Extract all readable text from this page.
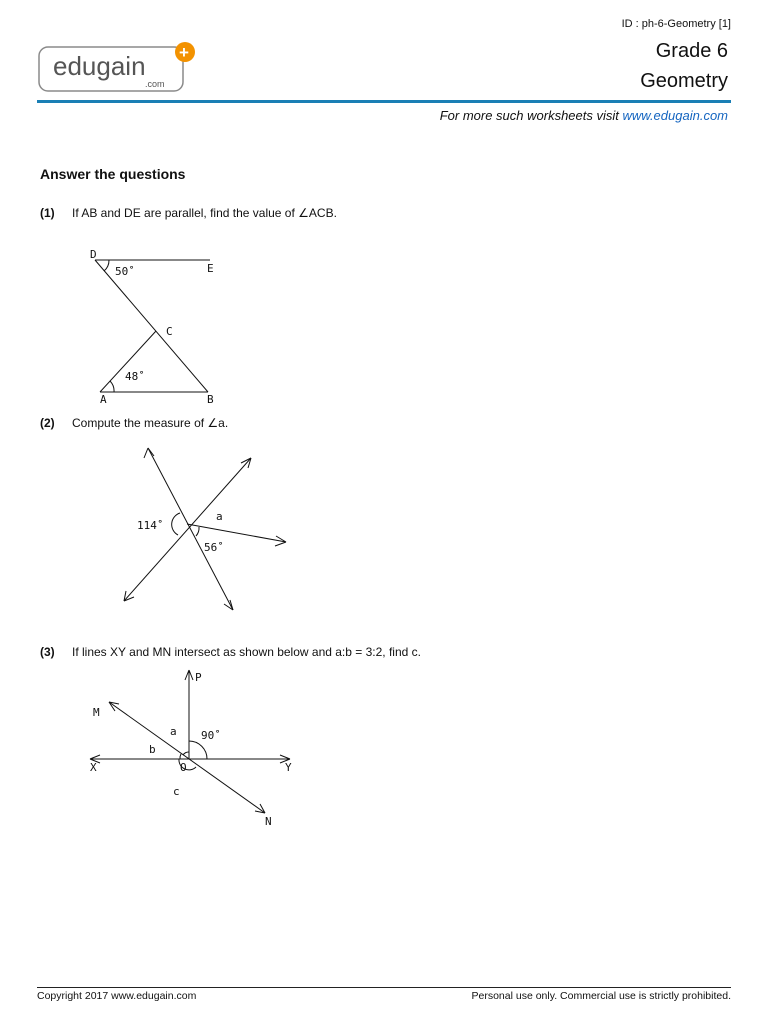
ID : ph-6-Geometry [1]
Grade 6
Geometry
edugain
.com
+
For more such worksheets visit www.edugain.com
Answer the questions
(1) If AB and DE are parallel, find the value of ∠ACB.
D
E
C
A	B
50˚
48˚
(2) Compute the measure of ∠a.
114˚
a
56˚
(3) If lines XY and MN intersect as shown below and a:b = 3:2, find c.
P
M
X	O	Y
N
a 90˚
b
c
Copyright 2017 www.edugain.com	Personal use only. Commercial use is strictly prohibited.
